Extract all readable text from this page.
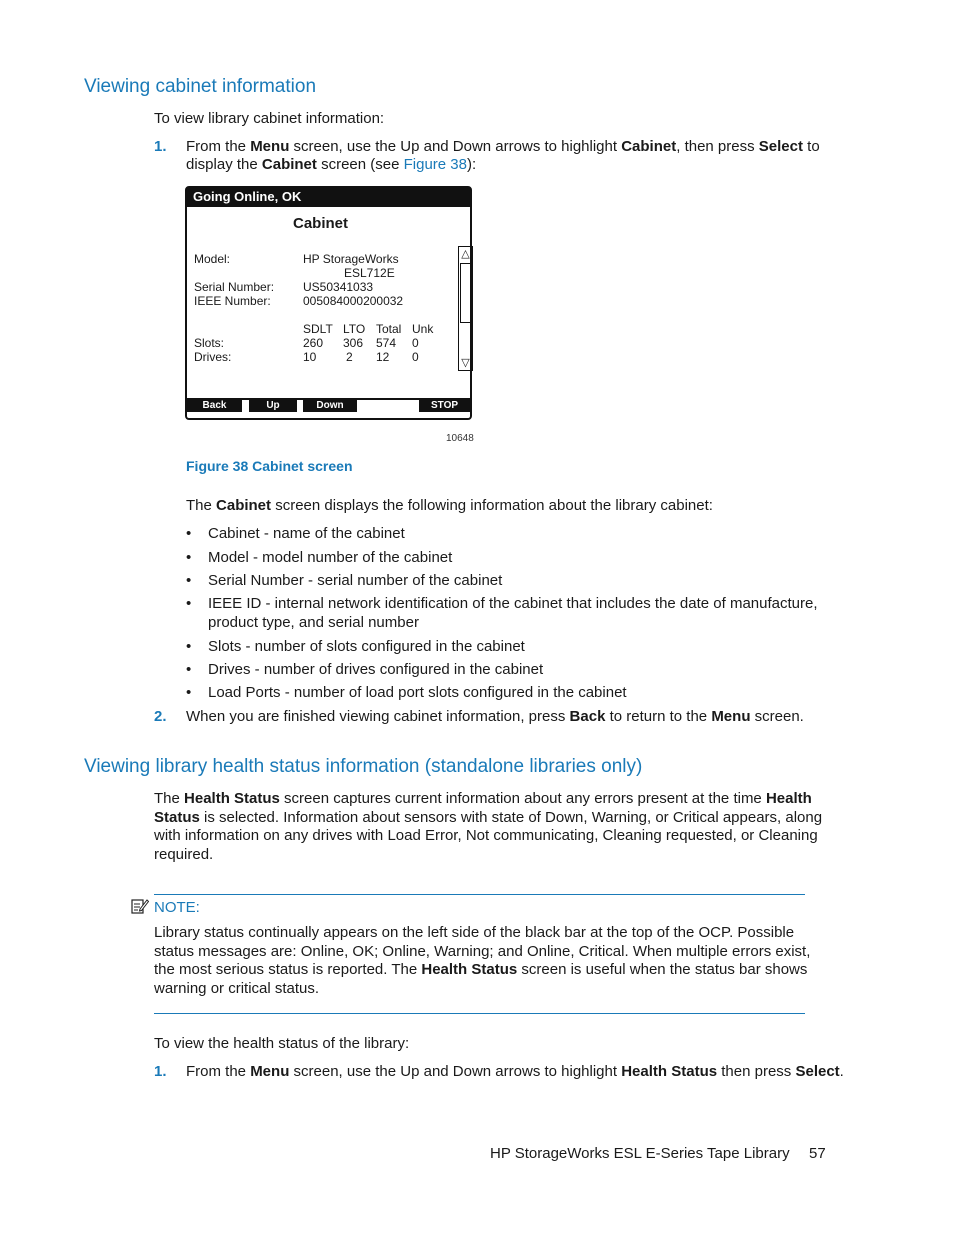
Viewing cabinet information
To view library cabinet information:
1. From the Menu screen, use the Up and Down arrows to highlight Cabinet, then press Select to
display the Cabinet screen (see Figure 38):
Going Online, OK
Cabinet
Model:	HP StorageWorks
ESL712E
Serial Number: US50341033
IEEE Number:	005084000200032
SDLT LTO Total Unk
Slots:	260 306 574 0
Drives:	10 2 12 0
△
▽
Back	Up	Down	STOP
10648
Figure 38 Cabinet screen
The Cabinet screen displays the following information about the library cabinet:
• Cabinet - name of the cabinet
• Model - model number of the cabinet
• Serial Number - serial number of the cabinet
• IEEE ID - internal network identification of the cabinet that includes the date of manufacture,
product type, and serial number
• Slots - number of slots configured in the cabinet
• Drives - number of drives configured in the cabinet
• Load Ports - number of load port slots configured in the cabinet
2. When you are finished viewing cabinet information, press Back to return to the Menu screen.
Viewing library health status information (standalone libraries only)
The Health Status screen captures current information about any errors present at the time Health
Status is selected. Information about sensors with state of Down, Warning, or Critical appears, along
with information on any drives with Load Error, Not communicating, Cleaning requested, or Cleaning
required.
NOTE:
Library status continually appears on the left side of the black bar at the top of the OCP. Possible
status messages are: Online, OK; Online, Warning; and Online, Critical. When multiple errors exist,
the most serious status is reported. The Health Status screen is useful when the status bar shows
warning or critical status.
To view the health status of the library:
1. From the Menu screen, use the Up and Down arrows to highlight Health Status then press Select.
HP StorageWorks ESL E-Series Tape Library 57
